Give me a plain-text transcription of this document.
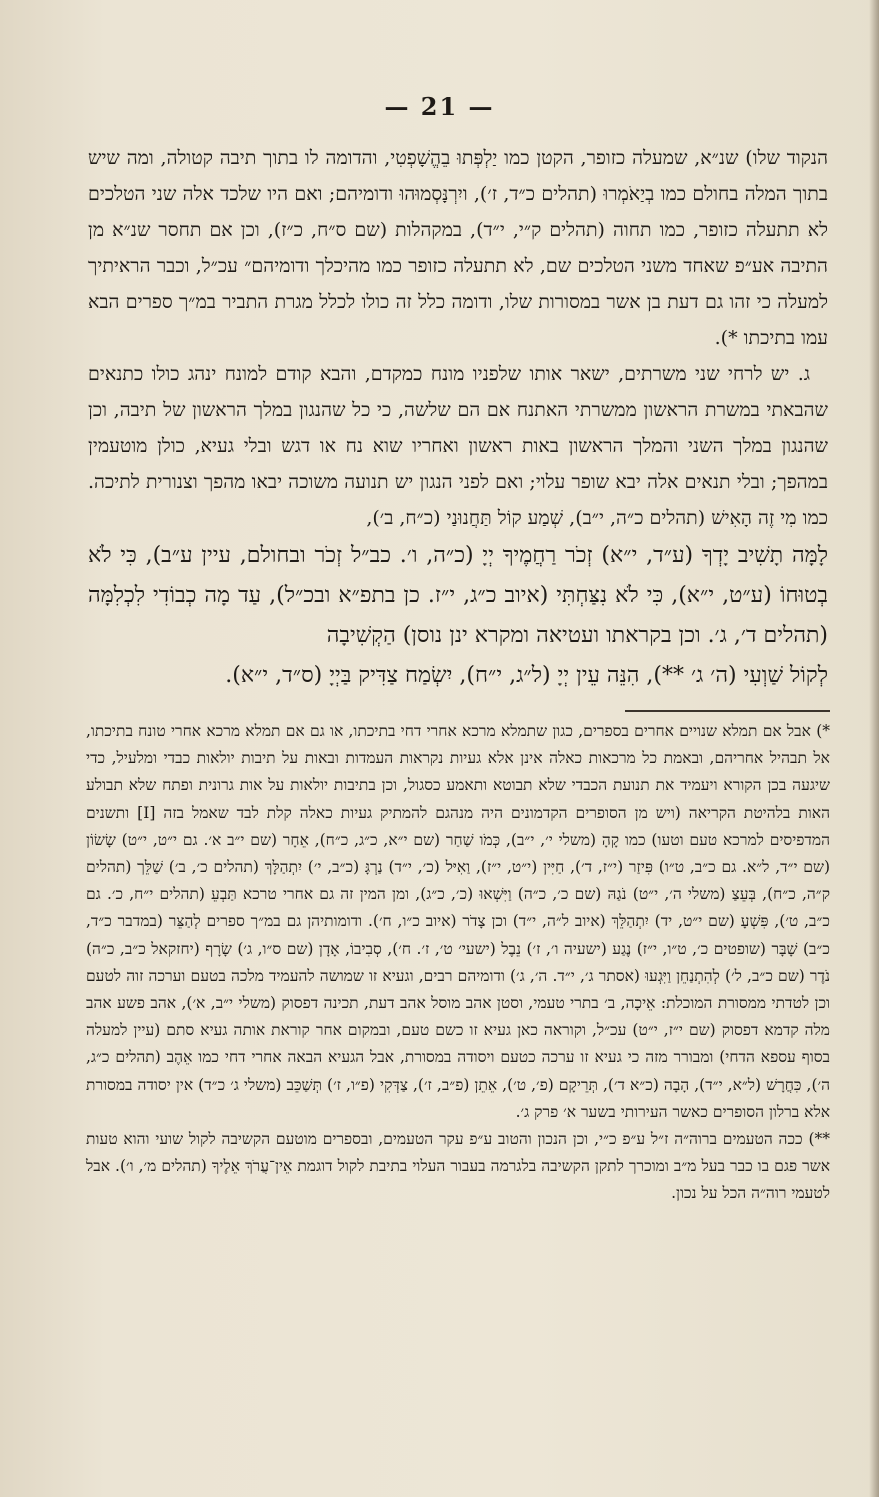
— 21 —

הנקוד שלו) שנ״א, שמעלה כזופר, הקטן כמו יַלְפְּתוּ בֵהֱשָׁפְטִי, והדומה לו בתוך תיבה קטולה, ומה שיש בתוך המלה בחולם כמו בְיַאֹמְרוּ (תהלים כ״ד, ז׳), ויִרְנָּסְמוּהוּ ודומיהם; ואם היו שלכד אלה שני הטלכים לא תתעלה כזופר, כמו תחוה (תהלים ק״י, י״ד), במקהלות (שם ס״ח, כ״ז), וכן אם תחסר שנ״א מן התיבה אע״פ שאחד משני הטלכים שם, לא תתעלה כזופר כמו מהיכלך ודומיהם״ עכ״ל, וכבר הראיתיך למעלה כי זהו גם דעת בן אשר במסורות שלו, ודומה כלל זה כולו לכלל מגרת התביר במ״ך ספרים הבא עמו בתיכתו *).

ג. יש לרחי שני משרתים, ישאר אותו שלפניו מונח כמקדם, והבא קודם למונח ינהג כולו כתנאים שהבאתי במשרת הראשון ממשרתי האתנח אם הם שלשה, כי כל שהנגון במלך הראשון של תיבה, וכן שהנגון במלך השני והמלך הראשון באות ראשון ואחריו שוא נח או דגש ובלי געיא, כולן מוטעמין במהפך; ובלי תנאים אלה יבא שופר עלוי; ואם לפני הנגון יש תנועה משוכה יבאו מהפך וצנורית לתיכה. כמו מִי זֶה הָאִישׁ (תהלים כ״ה, י״ב), שְׁמַע קוֹל תַּחֲנוּנַי (כ״ח, ב׳),

לָמָּה תָשִׁיב יָדְךָ (ע״ד, י״א) זְכֹר רַחֲמֶיךָ יְיָ (כ״ה, ו׳. כב״ל זְכֹר ובחולם, עיין ע״ב), כִּי לֹא בְטוּחוֹ (ע״ט, י״א), כִּי לֹא נִצַּחְתִּי (איוב כ״ג, י״ז. כן בתפ״א ובכ״ל), עַד מָה כְבוֹדִי לִכְלִמָּה (תהלים ד׳, ג׳. וכן בקראתו ועטיאה ומקרא ינן נוסן) הַקְשִׁיבָה

לְקוֹל שַׁוְעִי (ה׳ ג׳ **), הִנֵּה עֵין יְיָ (ל״ג, י״ח), יִשְׂמַח צַדִּיק בַּיְיָ (ס״ד, י״א).

*) אבל אם תמלא שנויים אחרים בספרים, כגון שתמלא מרכא אחרי דחי בתיכתו, או גם אם תמלא מרכא אחרי טונח בתיכתו, אל תבהיל אחריהם, ובאמת כל מרכאות כאלה אינן אלא געיות נקראות העמדות ובאות על תיבות יולאות כבדי ומלעיל, כדי שיגעה בכן הקורא ויעמיד את תנועת הכבדי שלא תבוטא ותאמע כסגול, וכן בתיבות יולאות על אות גרונית ופתח שלא תבולע האות בלהיטת הקריאה (ויש מן הסופרים הקדמונים היה מנהגם להמתיק געיות כאלה קלת לבד שאמל בזה [I] ותשנים המדפיסים למרכא טעם וטעו) כמו קָהָ (משלי י׳, י״ב), כְּמֹו שַׁחַר (שם י״א, כ״ג, כ״ח), אֵחָר (שם י״ב א׳. גם י״ט, י״ט) שָׂשׂוֹן (שם י״ד, ל״א. גם כ״ב, ט״ו) פִּיזַר (י״ז, ד׳), חַיִּין (י״ט, י״ז), וַאִיּל (כ׳, י״ד) נַרְגָּ (כ״ב, י׳) יִתְהַלָּךְ (תהלים כ׳, ב׳) שַׁלֵּך (תהלים ק״ה, כ״ח), בְּעֵצַ (משלי ה׳, י״ט) נֹגַהּ (שם כ׳, כ״ה) וַיִּשְׁאוּ (כ׳, כ״ג), ומן המין זה גם אחרי טרכא תַּבְעֵ (תהלים י״ח, כ׳. גם כ״ב, ט׳), פִּשְׁעָ (שם י״ט, יד) יִתְהַלֵּךְ (איוב ל״ה, י״ד) וכן צָדֹר (איוב כ״ו, ח׳). ודומותיהן גם במ״ך ספרים לְהַצֵּר (במדבר כ״ד, כ״ב) שָׁבָּר (שופטים כ׳, ט״ו, י״ז) נֶגַע (ישעיה ו׳, ז׳) נֵבֶל (ישעי׳ ט׳, ז׳. ח׳), סְבִיבוֹ, אָדָן (שם ס״ו, ג׳) שָׂרָף (יחזקאל כ״ב, כ״ה) נֹדֶר (שם כ״ב, ל׳) לְהִתְנַחֵן וַיִּגְעוּ (אסתר ג׳, י״ד. ה׳, ג׳) ודומיהם רבים, וגעיא זו שמושה להעמיד מלכה בטעם וערכה זוה לטעם וכן לטדתי ממסורת המוכלת: אֵיכָה, ב׳ בתרי טעמי, וסטן אהב מוסל אהב דעת, תכינה דפסוק (משלי י״ב, א׳), אהב פשע אהב מלה קדמא דפסוק (שם י״ז, י״ט) עכ״ל, וקוראה כאן געיא זו כשם טעם, ובמקום אחר קוראת אותה געיא סתם (עיין למעלה בסוף עספא הדחי) ומבורר מזה כי געיא זו ערכה כטעם ויסודה במסורת, אבל הגעיא הבאה אחרי דחי כמו אֵהֶב (תהלים כ״ג, ה׳), כִּחֲרָשׁ (ל״א, י״ד), הָבָה (כ״א ד׳), תְּרֵיקָם (פ׳, ט׳), אֵתֵן (פ״ב, ז׳), צַדְּקִי (פ״ו, ז׳) תְּשַׁכֵּב (משלי ג׳ כ״ד) אין יסודה במסורת אלא ברלון הסופרים כאשר העירותי בשער א׳ פרק ג׳.

**) ככה הטעמים ברוה״ה ז״ל ע״פ כ״י, וכן הנכון והטוב ע״פ עקר הטעמים, ובספרים מוטעם הקשיבה לקול שועי והוא טעות אשר פגם בו כבר בעל מ״ב ומוכרך לתקן הקשיבה בלגרמה בעבור העלוי בתיבת לקול דוגמת אֵין־עֲרֹךְ אֵלֶיךָ (תהלים מ׳, ו׳). אבל לטעמי רוה״ה הכל על נכון.
